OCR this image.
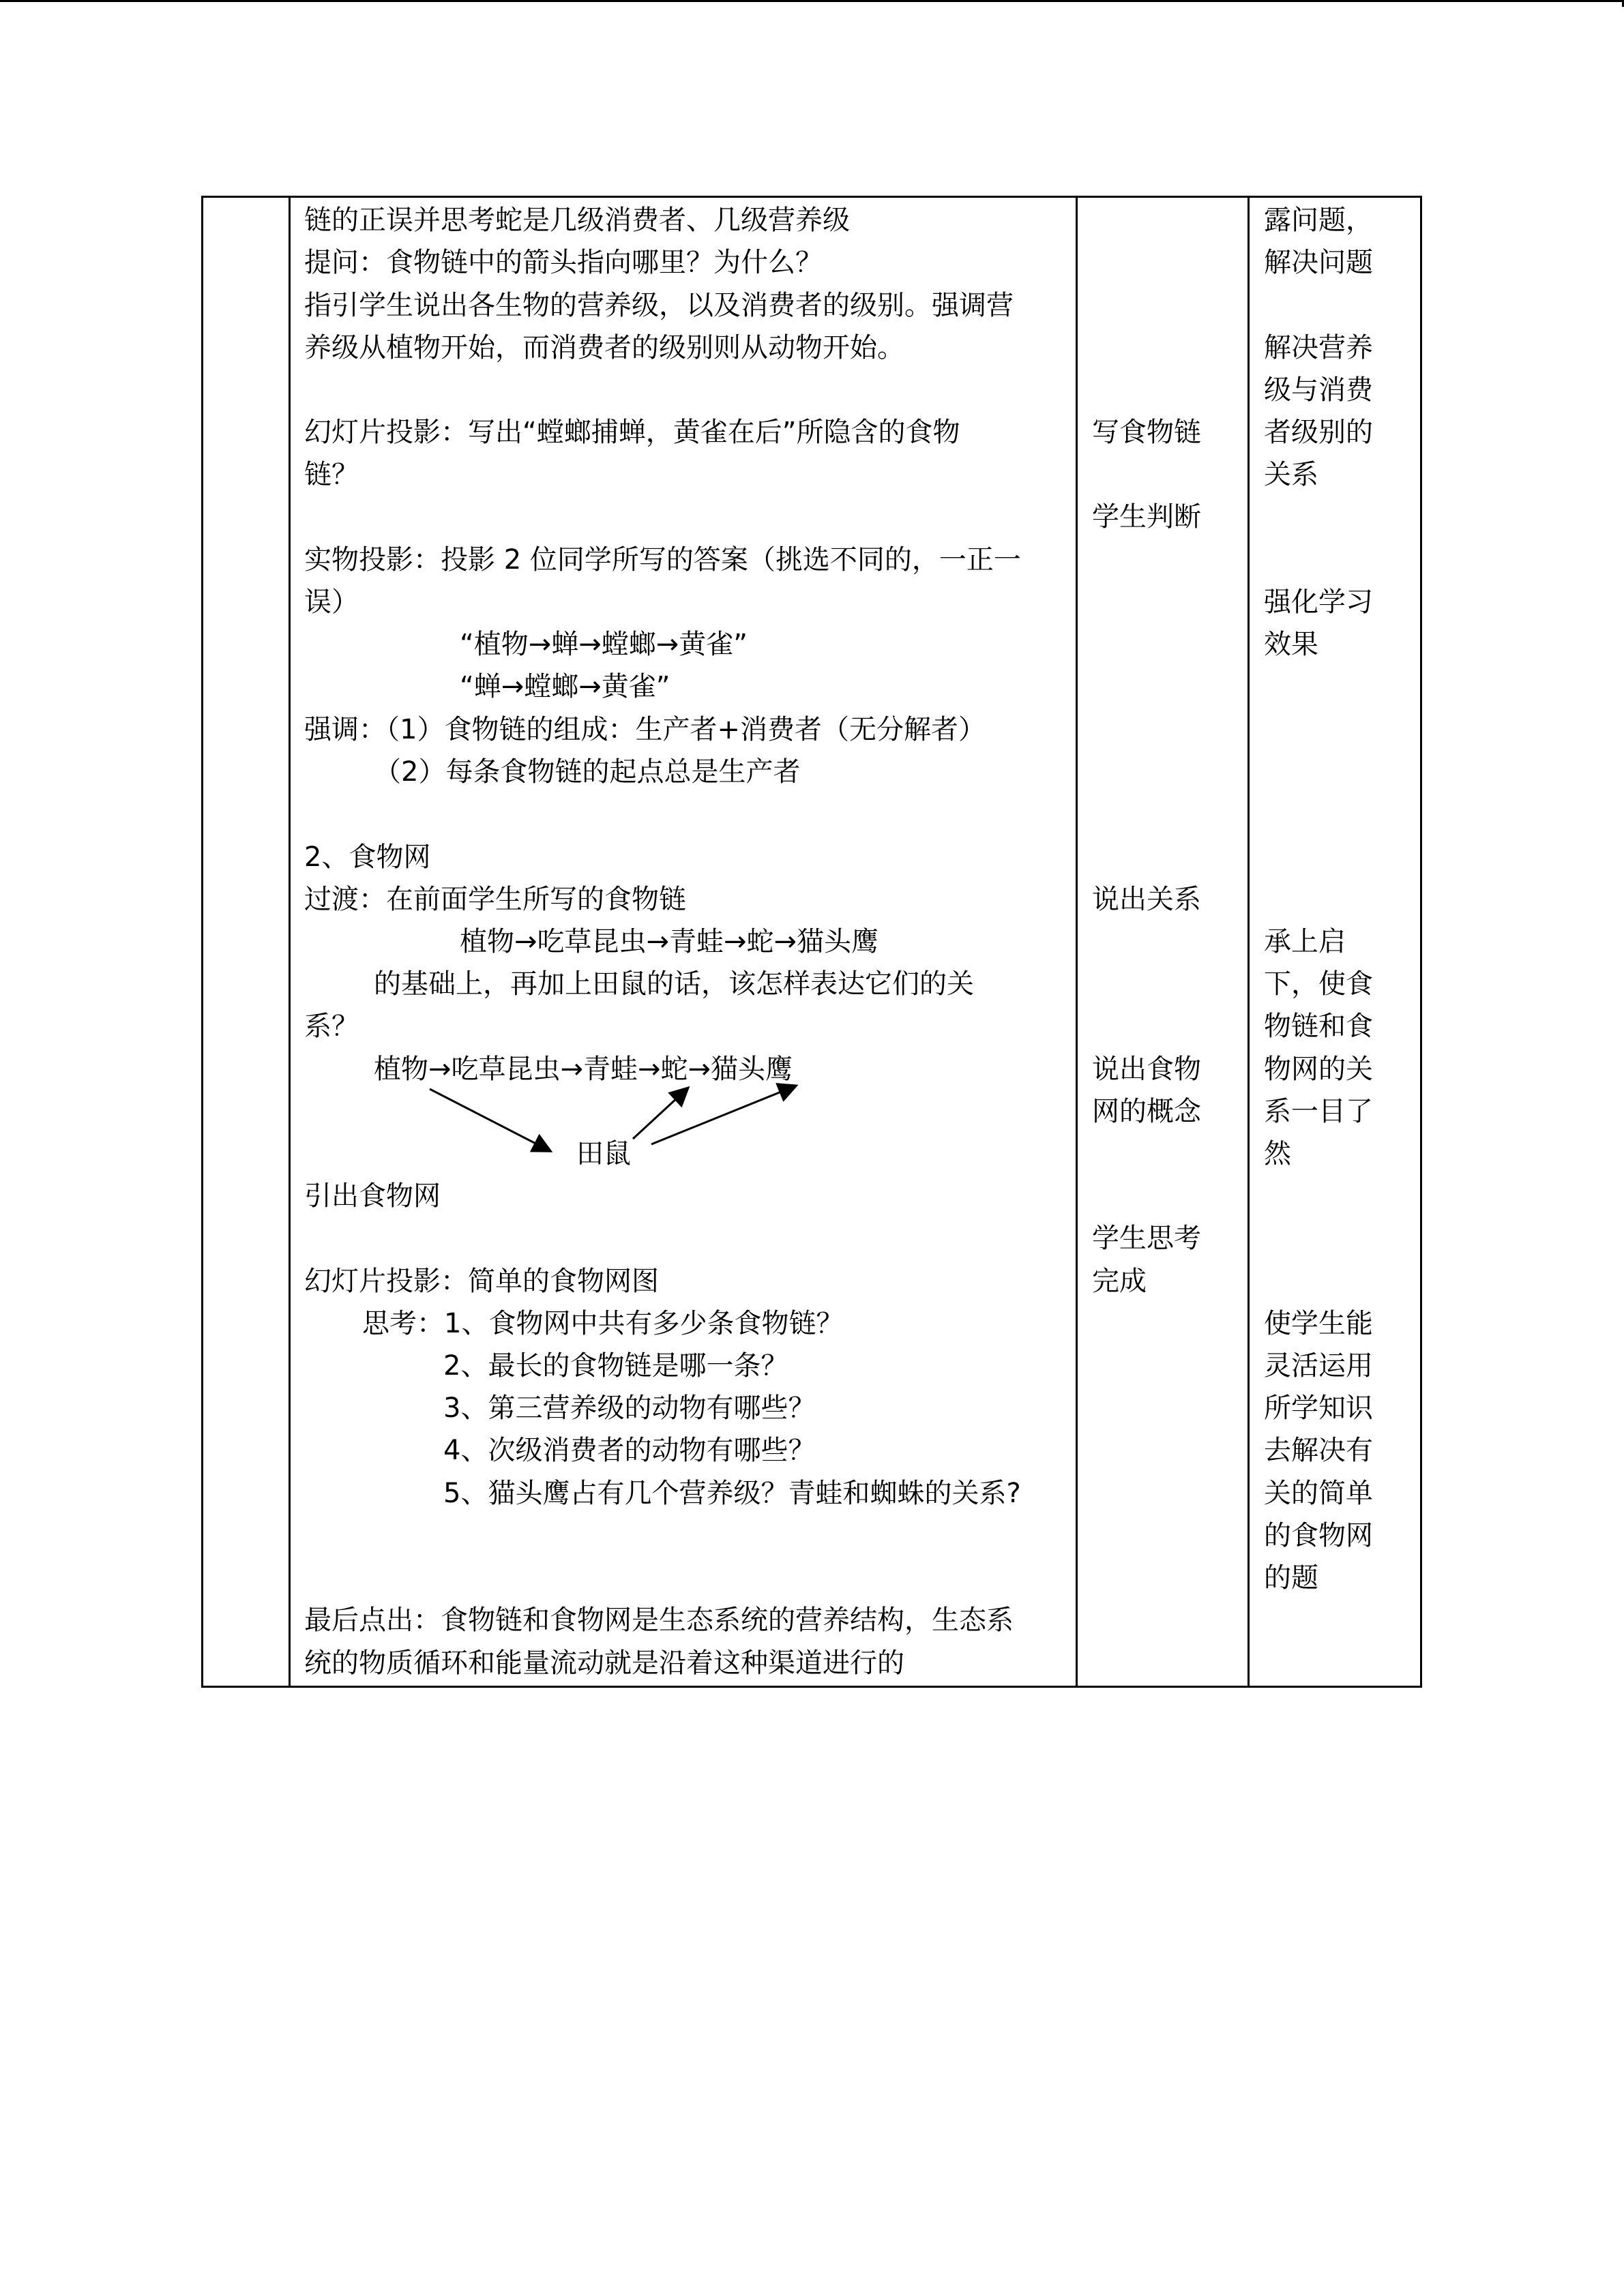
链的正误并思考蛇是几级消费者、几级营养级
提问：食物链中的箭头指向哪里？为什么？
指引学生说出各生物的营养级，以及消费者的级别。强调营
养级从植物开始，而消费者的级别则从动物开始。
幻灯片投影：写出“螳螂捕蝉，黄雀在后”所隐含的食物
链？
实物投影：投影 2 位同学所写的答案（挑选不同的，一正一
误）
“植物→蝉→螳螂→黄雀”
“蝉→螳螂→黄雀”
强调：（1）食物链的组成：生产者+消费者（无分解者）
（2）每条食物链的起点总是生产者
2、食物网
过渡：在前面学生所写的食物链
植物→吃草昆虫→青蛙→蛇→猫头鹰
的基础上，再加上田鼠的话，该怎样表达它们的关
系？
植物→吃草昆虫→青蛙→蛇→猫头鹰
田鼠
引出食物网
幻灯片投影：简单的食物网图
思考：1、食物网中共有多少条食物链？
2、最长的食物链是哪一条？
3、第三营养级的动物有哪些？
4、次级消费者的动物有哪些？
5、猫头鹰占有几个营养级？青蛙和蜘蛛的关系?
最后点出：食物链和食物网是生态系统的营养结构，生态系
统的物质循环和能量流动就是沿着这种渠道进行的
写食物链
学生判断
说出关系
说出食物
网的概念
学生思考
完成
露问题，
解决问题
解决营养
级与消费
者级别的
关系
强化学习
效果
承上启
下，使食
物链和食
物网的关
系一目了
然
使学生能
灵活运用
所学知识
去解决有
关的简单
的食物网
的题
